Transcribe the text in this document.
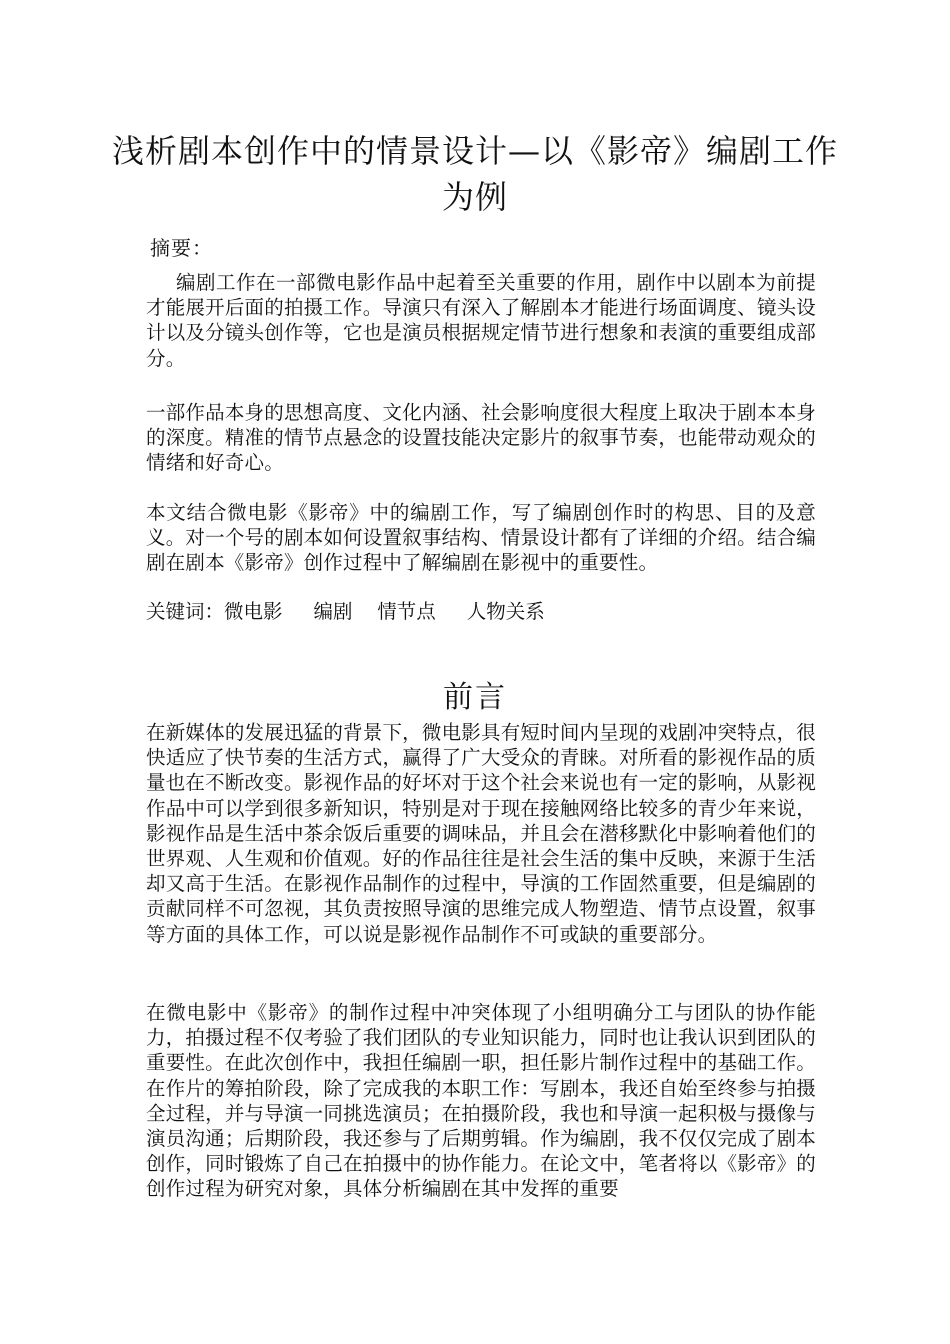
浅析剧本创作中的情景设计—以《影帝》编剧工作为例
摘要：

编剧工作在一部微电影作品中起着至关重要的作用，剧作中以剧本为前提才能展开后面的拍摄工作。导演只有深入了解剧本才能进行场面调度、镜头设计以及分镜头创作等，它也是演员根据规定情节进行想象和表演的重要组成部分。

一部作品本身的思想高度、文化内涵、社会影响度很大程度上取决于剧本本身的深度。精准的情节点悬念的设置技能决定影片的叙事节奏，也能带动观众的情绪和好奇心。

本文结合微电影《影帝》中的编剧工作，写了编剧创作时的构思、目的及意义。对一个号的剧本如何设置叙事结构、情景设计都有了详细的介绍。结合编剧在剧本《影帝》创作过程中了解编剧在影视中的重要性。

关键词：微电影     编剧    情节点     人物关系
前言

在新媒体的发展迅猛的背景下，微电影具有短时间内呈现的戏剧冲突特点，很快适应了快节奏的生活方式，赢得了广大受众的青睐。对所看的影视作品的质量也在不断改变。影视作品的好坏对于这个社会来说也有一定的影响，从影视作品中可以学到很多新知识，特别是对于现在接触网络比较多的青少年来说，影视作品是生活中茶余饭后重要的调味品，并且会在潜移默化中影响着他们的世界观、人生观和价值观。好的作品往往是社会生活的集中反映，来源于生活却又高于生活。在影视作品制作的过程中，导演的工作固然重要，但是编剧的贡献同样不可忽视，其负责按照导演的思维完成人物塑造、情节点设置，叙事等方面的具体工作，可以说是影视作品制作不可或缺的重要部分。

在微电影中《影帝》的制作过程中冲突体现了小组明确分工与团队的协作能力，拍摄过程不仅考验了我们团队的专业知识能力，同时也让我认识到团队的重要性。在此次创作中，我担任编剧一职，担任影片制作过程中的基础工作。在作片的筹拍阶段，除了完成我的本职工作：写剧本，我还自始至终参与拍摄全过程，并与导演一同挑选演员；在拍摄阶段，我也和导演一起积极与摄像与演员沟通；后期阶段，我还参与了后期剪辑。作为编剧，我不仅仅完成了剧本创作，同时锻炼了自己在拍摄中的协作能力。在论文中，笔者将以《影帝》的创作过程为研究对象，具体分析编剧在其中发挥的重要
